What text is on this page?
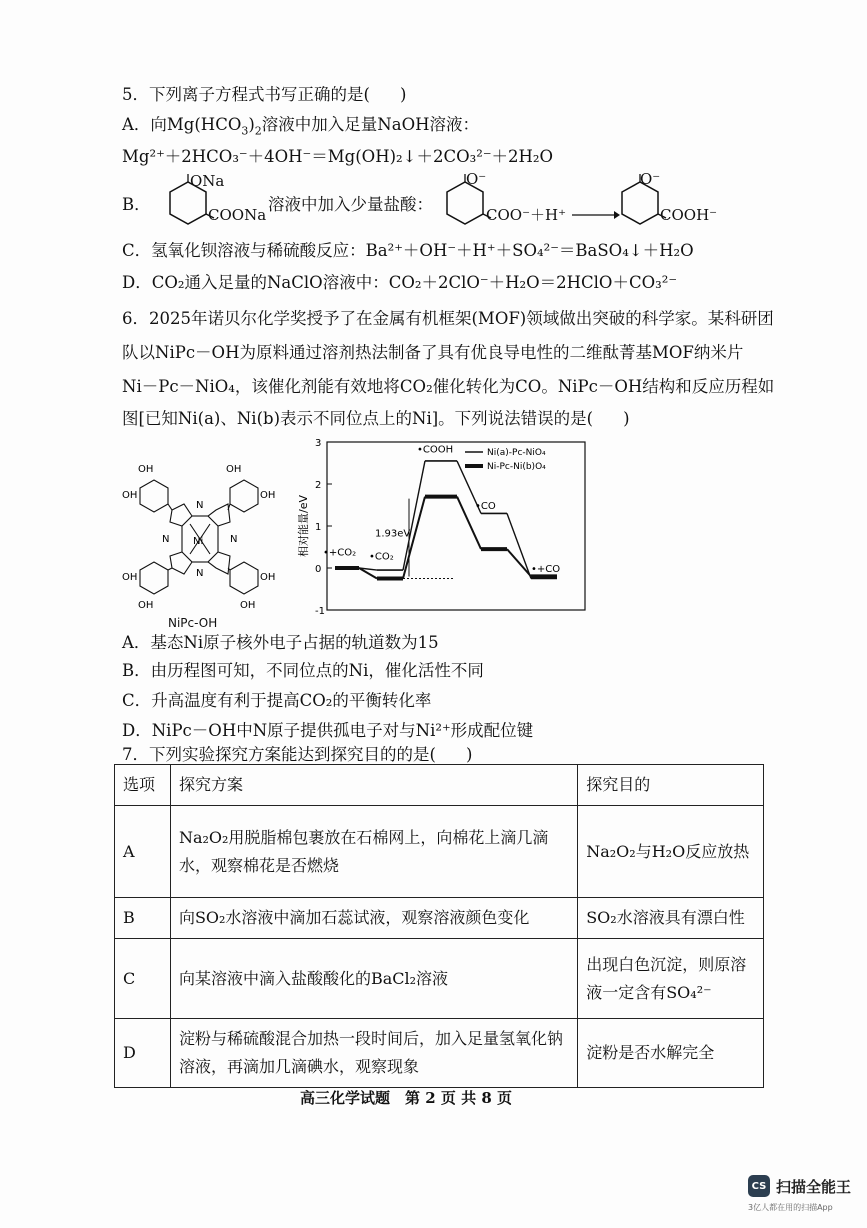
5．下列离子方程式书写正确的是( )
A．向$Mg(HCO_3)_2$溶液中加入足量NaOH溶液：
Mg²⁺＋2HCO₃⁻＋4OH⁻＝Mg(OH)₂↓＋2CO₃²⁻＋2H₂O
B．
ONa
COONa
溶液中加入少量盐酸：
O⁻
COO⁻ ＋H⁺ →
O⁻
COOH⁻
C．氢氧化钡溶液与稀硫酸反应：Ba²⁺＋OH⁻＋H⁺＋SO₄²⁻＝BaSO₄↓＋H₂O
D．CO₂通入足量的NaClO溶液中：CO₂＋2ClO⁻＋H₂O＝2HClO＋CO₃²⁻
6．2025年诺贝尔化学奖授予了在金属有机框架(MOF)领域做出突破的科学家。某科研团
队以NiPc－OH为原料通过溶剂热法制备了具有优良导电性的二维酞菁基MOF纳米片
Ni－Pc－NiO₄，该催化剂能有效地将CO₂催化转化为CO。NiPc－OH结构和反应历程如
图[已知Ni(a)、Ni(b)表示不同位点上的Ni]。下列说法错误的是( )
OH
OH
OH
OH
OH
OH
OH
OH
Ni
N
N
N	N
NiPc-OH
3
2
1
0
-1
相对能量/eV •+CO₂ •CO₂
•COOH
•CO
•+CO
Ni(a)-Pc-NiO₄
Ni-Pc-Ni(b)O₄
1.93eV
A．基态Ni原子核外电子占据的轨道数为15
B．由历程图可知，不同位点的Ni，催化活性不同
C．升高温度有利于提高CO₂的平衡转化率
D．NiPc－OH中N原子提供孤电子对与Ni²⁺形成配位键
7．下列实验探究方案能达到探究目的的是( )
选项	探究方案	探究目的
A	Na₂O₂用脱脂棉包裹放在石棉网上，向棉花上滴几滴水，观察棉花是否燃烧	Na₂O₂与H₂O反应放热
B	向SO₂水溶液中滴加石蕊试液，观察溶液颜色变化	SO₂水溶液具有漂白性
C	向某溶液中滴入盐酸酸化的BaCl₂溶液	出现白色沉淀，则原溶液一定含有SO₄²⁻
D	淀粉与稀硫酸混合加热一段时间后，加入足量氢氧化钠溶液，再滴加几滴碘水，观察现象	淀粉是否水解完全
高三化学试题　第 2 页 共 8 页
CS 扫描全能王
3亿人都在用的扫描App
